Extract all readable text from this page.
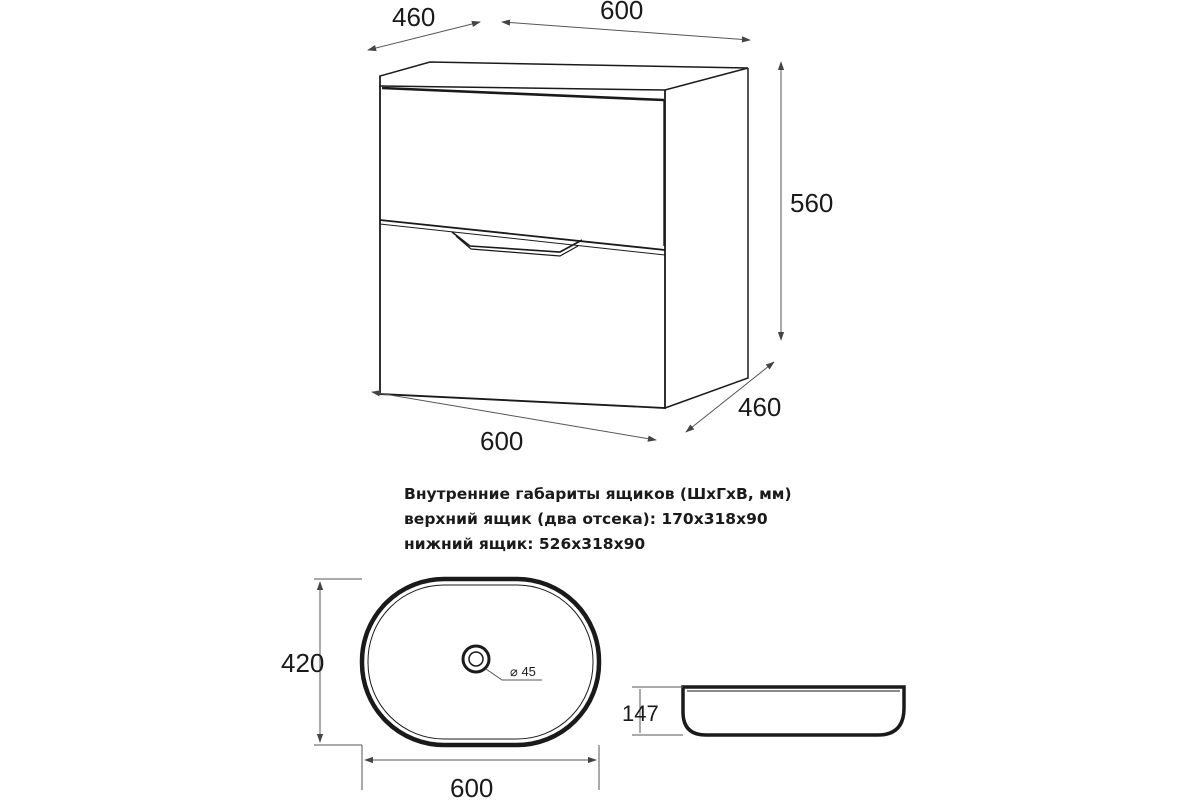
460	600
560
460
600
Внутренние габариты ящиков (ШхГхВ, мм)
верхний ящик (два отсека): 170х318х90
нижний ящик: 526х318х90
⌀ 45
420
600
147
